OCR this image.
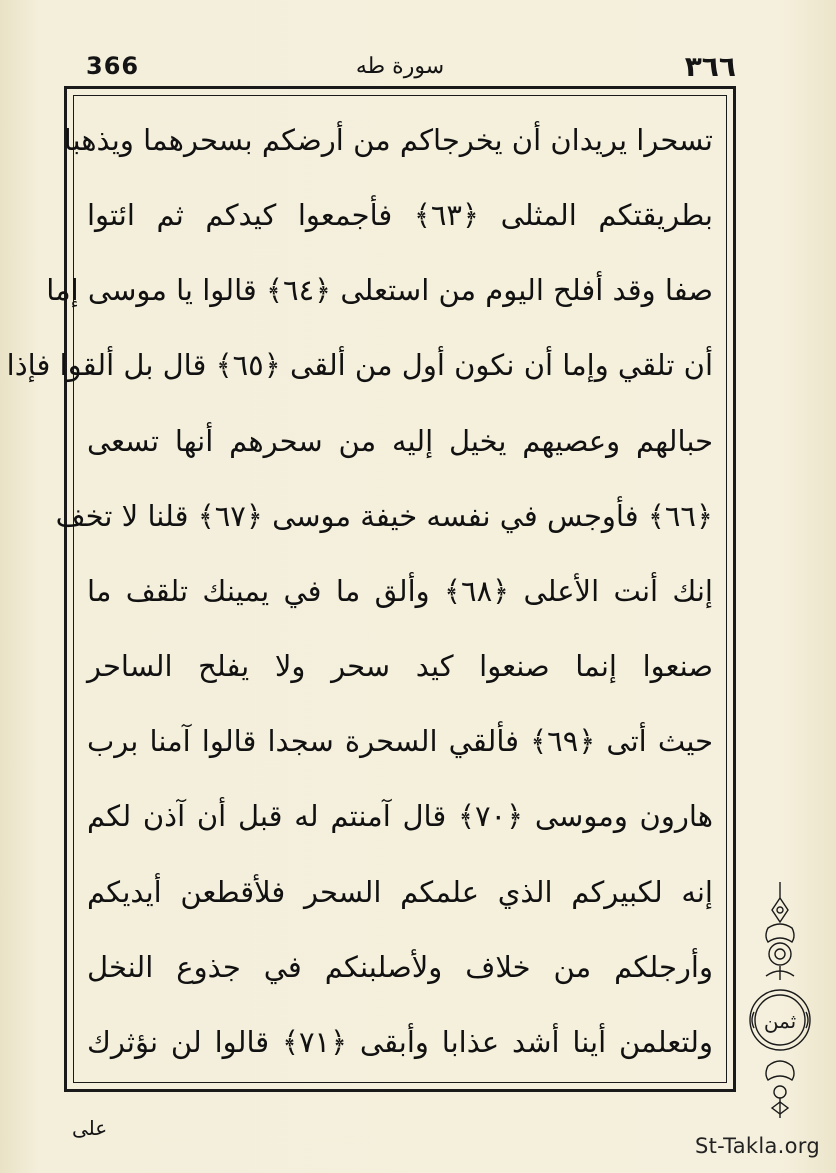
366	سورة طه	٣٦٦
تسحرا يريدان أن يخرجاكم من أرضكم بسحرهما ويذهبا
بطريقتكم المثلى ﴿٦٣﴾ فأجمعوا كيدكم ثم ائتوا
صفا وقد أفلح اليوم من استعلى ﴿٦٤﴾ قالوا يا موسى إما
أن تلقي وإما أن نكون أول من ألقى ﴿٦٥﴾ قال بل ألقوا فإذا
حبالهم وعصيهم يخيل إليه من سحرهم أنها تسعى
﴿٦٦﴾ فأوجس في نفسه خيفة موسى ﴿٦٧﴾ قلنا لا تخف
إنك أنت الأعلى ﴿٦٨﴾ وألق ما في يمينك تلقف ما
صنعوا إنما صنعوا كيد سحر ولا يفلح الساحر
حيث أتى ﴿٦٩﴾ فألقي السحرة سجدا قالوا آمنا برب
هارون وموسى ﴿٧٠﴾ قال آمنتم له قبل أن آذن لكم
إنه لكبيركم الذي علمكم السحر فلأقطعن أيديكم
وأرجلكم من خلاف ولأصلبنكم في جذوع النخل
ولتعلمن أينا أشد عذابا وأبقى ﴿٧١﴾ قالوا لن نؤثرك
ثمن
على
St-Takla.org
